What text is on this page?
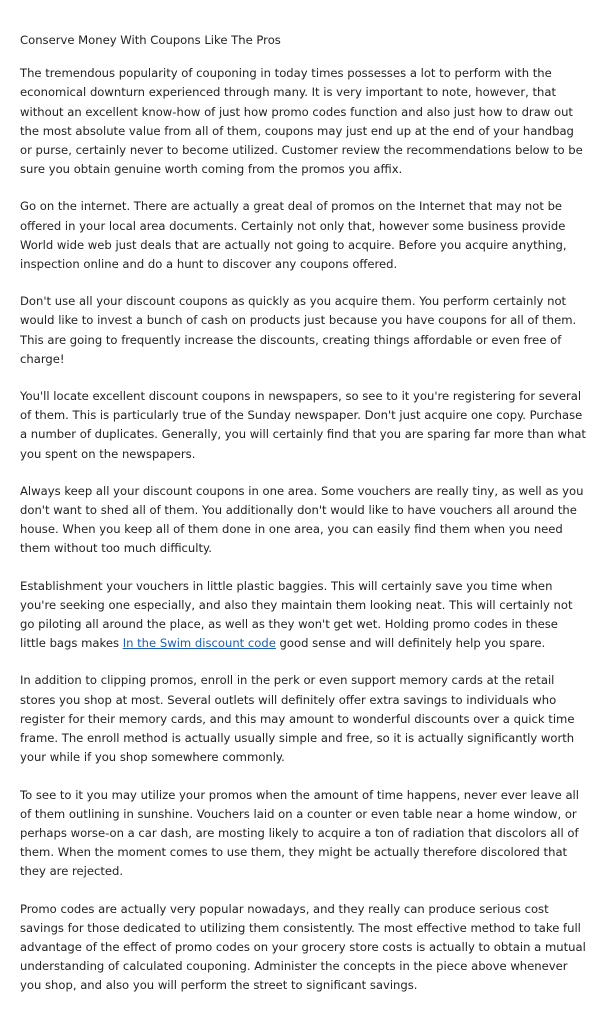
Conserve Money With Coupons Like The Pros

The tremendous popularity of couponing in today times possesses a lot to perform with the economical downturn experienced through many. It is very important to note, however, that without an excellent know-how of just how promo codes function and also just how to draw out the most absolute value from all of them, coupons may just end up at the end of your handbag or purse, certainly never to become utilized. Customer review the recommendations below to be sure you obtain genuine worth coming from the promos you affix.

Go on the internet. There are actually a great deal of promos on the Internet that may not be offered in your local area documents. Certainly not only that, however some business provide World wide web just deals that are actually not going to acquire. Before you acquire anything, inspection online and do a hunt to discover any coupons offered.

Don't use all your discount coupons as quickly as you acquire them. You perform certainly not would like to invest a bunch of cash on products just because you have coupons for all of them. This are going to frequently increase the discounts, creating things affordable or even free of charge!

You'll locate excellent discount coupons in newspapers, so see to it you're registering for several of them. This is particularly true of the Sunday newspaper. Don't just acquire one copy. Purchase a number of duplicates. Generally, you will certainly find that you are sparing far more than what you spent on the newspapers.

Always keep all your discount coupons in one area. Some vouchers are really tiny, as well as you don't want to shed all of them. You additionally don't would like to have vouchers all around the house. When you keep all of them done in one area, you can easily find them when you need them without too much difficulty.

Establishment your vouchers in little plastic baggies. This will certainly save you time when you're seeking one especially, and also they maintain them looking neat. This will certainly not go piloting all around the place, as well as they won't get wet. Holding promo codes in these little bags makes In the Swim discount code good sense and will definitely help you spare.

In addition to clipping promos, enroll in the perk or even support memory cards at the retail stores you shop at most. Several outlets will definitely offer extra savings to individuals who register for their memory cards, and this may amount to wonderful discounts over a quick time frame. The enroll method is actually usually simple and free, so it is actually significantly worth your while if you shop somewhere commonly.

To see to it you may utilize your promos when the amount of time happens, never ever leave all of them outlining in sunshine. Vouchers laid on a counter or even table near a home window, or perhaps worse-on a car dash, are mosting likely to acquire a ton of radiation that discolors all of them. When the moment comes to use them, they might be actually therefore discolored that they are rejected.

Promo codes are actually very popular nowadays, and they really can produce serious cost savings for those dedicated to utilizing them consistently. The most effective method to take full advantage of the effect of promo codes on your grocery store costs is actually to obtain a mutual understanding of calculated couponing. Administer the concepts in the piece above whenever you shop, and also you will perform the street to significant savings.
